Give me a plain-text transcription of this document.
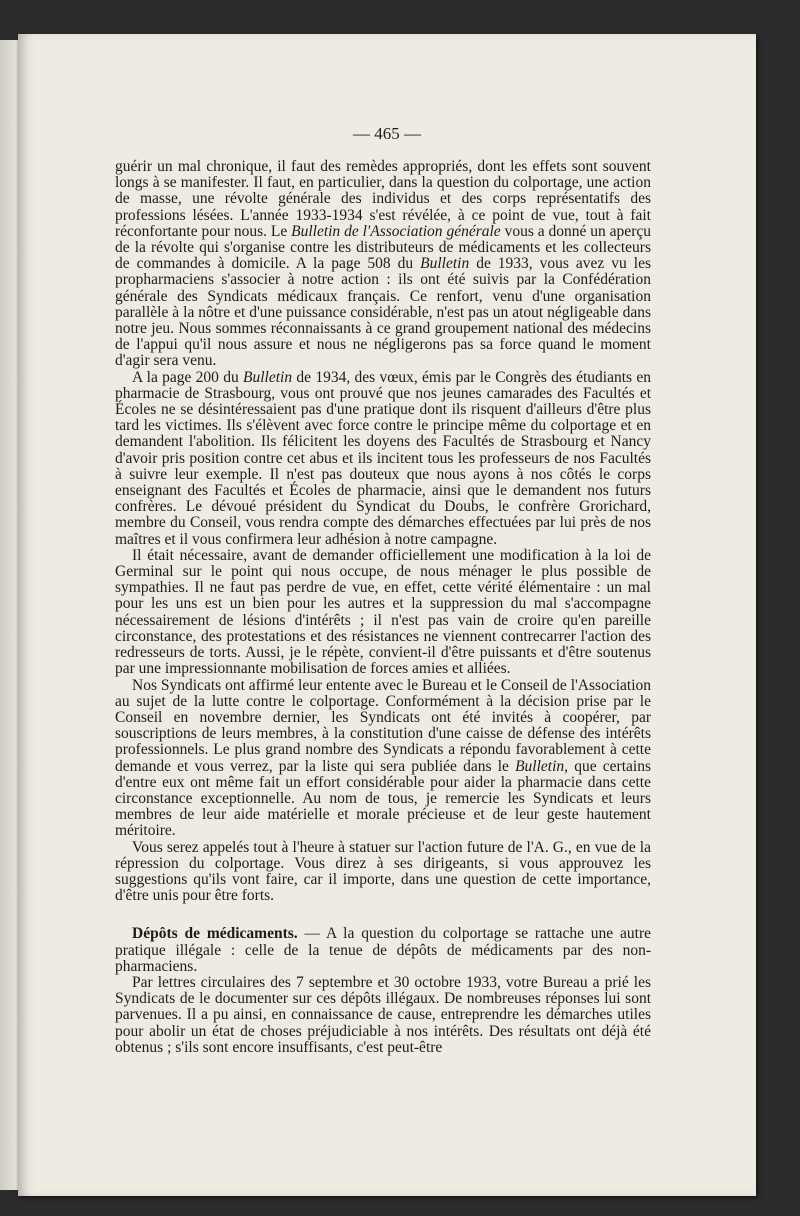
— 465 —

guérir un mal chronique, il faut des remèdes appropriés, dont les effets sont souvent longs à se manifester. Il faut, en particulier, dans la question du colportage, une action de masse, une révolte générale des individus et des corps représentatifs des professions lésées. L'année 1933-1934 s'est révélée, à ce point de vue, tout à fait réconfortante pour nous. Le Bulletin de l'Association générale vous a donné un aperçu de la révolte qui s'organise contre les distributeurs de médicaments et les collecteurs de commandes à domicile. A la page 508 du Bulletin de 1933, vous avez vu les propharmaciens s'associer à notre action : ils ont été suivis par la Confédération générale des Syndicats médicaux français. Ce renfort, venu d'une organisation parallèle à la nôtre et d'une puissance considérable, n'est pas un atout négligeable dans notre jeu. Nous sommes réconnaissants à ce grand groupement national des médecins de l'appui qu'il nous assure et nous ne négligerons pas sa force quand le moment d'agir sera venu.

A la page 200 du Bulletin de 1934, des vœux, émis par le Congrès des étudiants en pharmacie de Strasbourg, vous ont prouvé que nos jeunes camarades des Facultés et Écoles ne se désintéressaient pas d'une pratique dont ils risquent d'ailleurs d'être plus tard les victimes. Ils s'élèvent avec force contre le principe même du colportage et en demandent l'abolition. Ils félicitent les doyens des Facultés de Strasbourg et Nancy d'avoir pris position contre cet abus et ils incitent tous les professeurs de nos Facultés à suivre leur exemple. Il n'est pas douteux que nous ayons à nos côtés le corps enseignant des Facultés et Écoles de pharmacie, ainsi que le demandent nos futurs confrères. Le dévoué président du Syndicat du Doubs, le confrère Grorichard, membre du Conseil, vous rendra compte des démarches effectuées par lui près de nos maîtres et il vous confirmera leur adhésion à notre campagne.

Il était nécessaire, avant de demander officiellement une modification à la loi de Germinal sur le point qui nous occupe, de nous ménager le plus possible de sympathies. Il ne faut pas perdre de vue, en effet, cette vérité élémentaire : un mal pour les uns est un bien pour les autres et la suppression du mal s'accompagne nécessairement de lésions d'intérêts ; il n'est pas vain de croire qu'en pareille circonstance, des protestations et des résistances ne viennent contrecarrer l'action des redresseurs de torts. Aussi, je le répète, convient-il d'être puissants et d'être soutenus par une impressionnante mobilisation de forces amies et alliées.

Nos Syndicats ont affirmé leur entente avec le Bureau et le Conseil de l'Association au sujet de la lutte contre le colportage. Conformément à la décision prise par le Conseil en novembre dernier, les Syndicats ont été invités à coopérer, par souscriptions de leurs membres, à la constitution d'une caisse de défense des intérêts professionnels. Le plus grand nombre des Syndicats a répondu favorablement à cette demande et vous verrez, par la liste qui sera publiée dans le Bulletin, que certains d'entre eux ont même fait un effort considérable pour aider la pharmacie dans cette circonstance exceptionnelle. Au nom de tous, je remercie les Syndicats et leurs membres de leur aide matérielle et morale précieuse et de leur geste hautement méritoire.

Vous serez appelés tout à l'heure à statuer sur l'action future de l'A. G., en vue de la répression du colportage. Vous direz à ses dirigeants, si vous approuvez les suggestions qu'ils vont faire, car il importe, dans une question de cette importance, d'être unis pour être forts.

Dépôts de médicaments. — A la question du colportage se rattache une autre pratique illégale : celle de la tenue de dépôts de médicaments par des non-pharmaciens.

Par lettres circulaires des 7 septembre et 30 octobre 1933, votre Bureau a prié les Syndicats de le documenter sur ces dépôts illégaux. De nombreuses réponses lui sont parvenues. Il a pu ainsi, en connaissance de cause, entreprendre les démarches utiles pour abolir un état de choses préjudiciable à nos intérêts. Des résultats ont déjà été obtenus ; s'ils sont encore insuffisants, c'est peut-être
